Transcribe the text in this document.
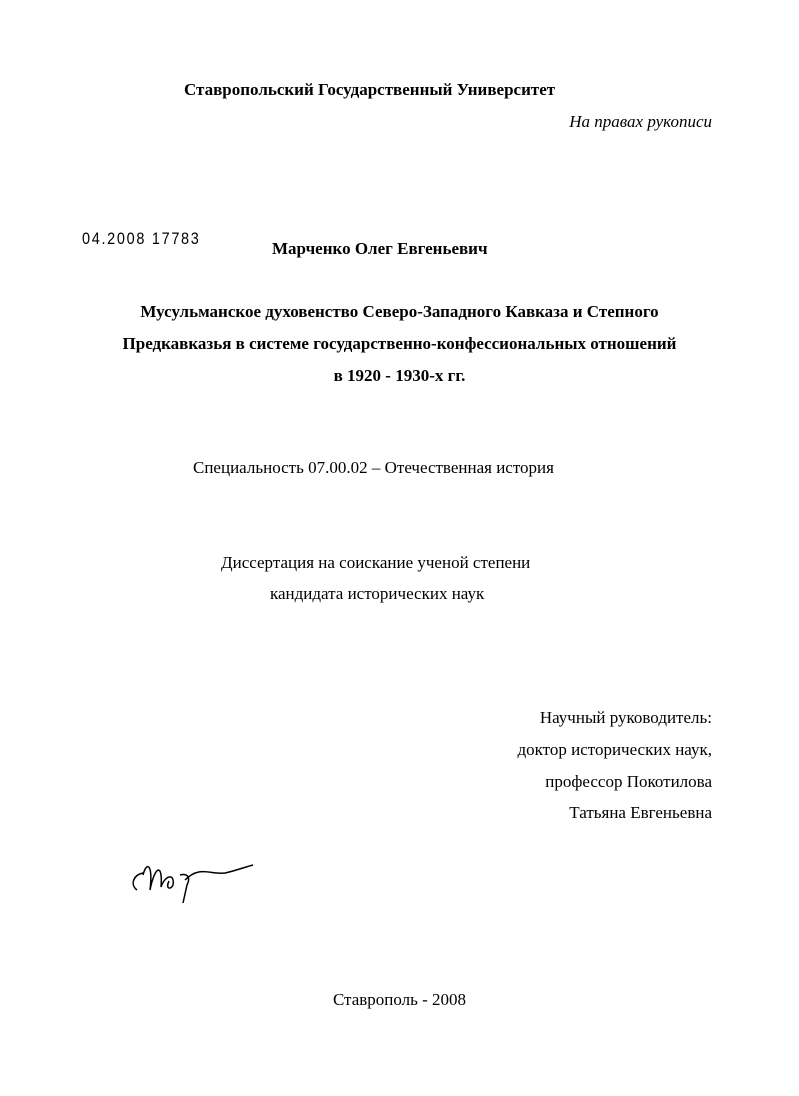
Ставропольский Государственный Университет
На правах рукописи
04.2008 17783
Марченко Олег Евгеньевич
Мусульманское духовенство Северо-Западного Кавказа и Степного
Предкавказья в системе государственно-конфессиональных отношений
в 1920 - 1930-х гг.
Специальность 07.00.02 – Отечественная история
Диссертация на соискание ученой степени
кандидата исторических наук
Научный руководитель:
доктор исторических наук,
профессор Покотилова
Татьяна Евгеньевна
Ставрополь - 2008
